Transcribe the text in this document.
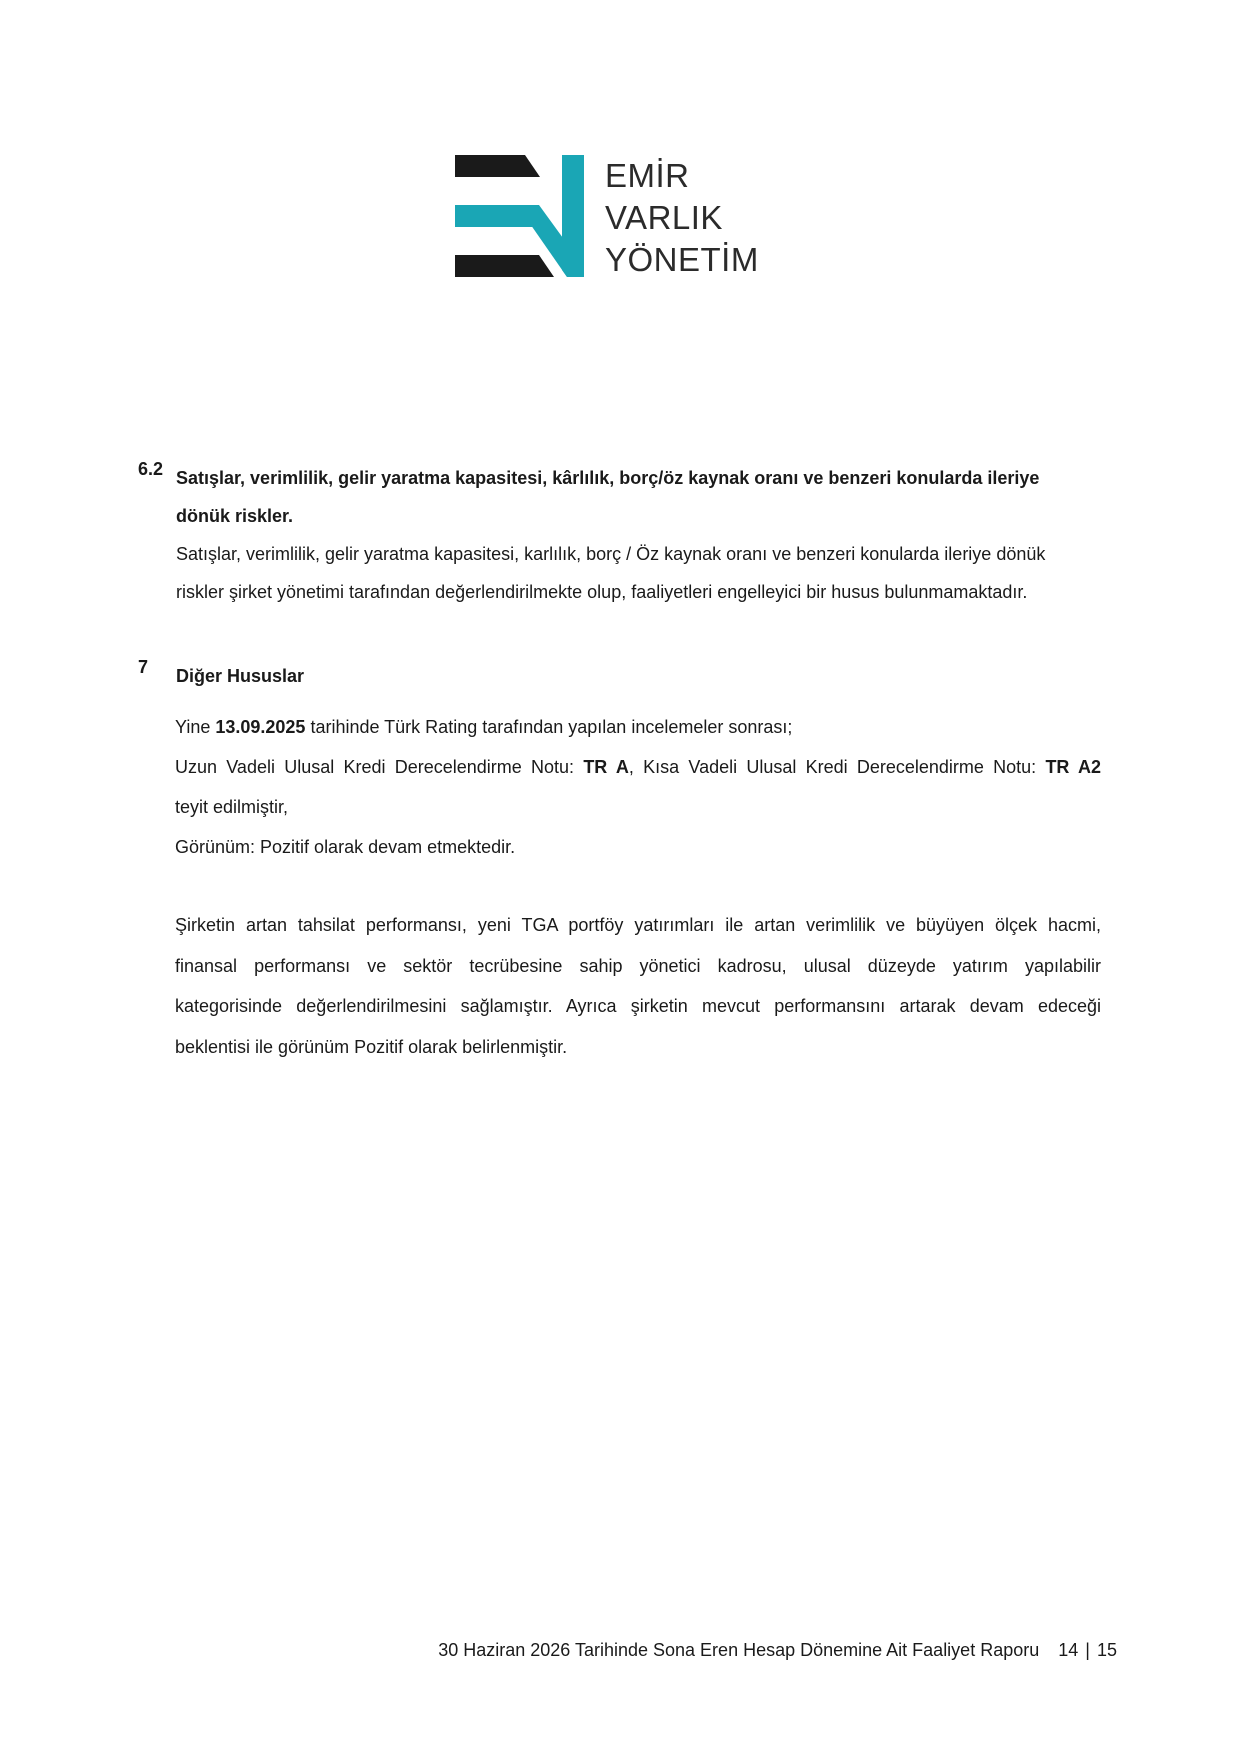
EMİR
VARLIK
YÖNETİM
6.2 Satışlar, verimlilik, gelir yaratma kapasitesi, kârlılık, borç/öz kaynak oranı ve benzeri konularda ileriye
dönük riskler.
Satışlar, verimlilik, gelir yaratma kapasitesi, karlılık, borç / Öz kaynak oranı ve benzeri konularda ileriye dönük
riskler şirket yönetimi tarafından değerlendirilmekte olup, faaliyetleri engelleyici bir husus bulunmamaktadır.
7 Diğer Hususlar
Yine 13.09.2025 tarihinde Türk Rating tarafından yapılan incelemeler sonrası;
Uzun Vadeli Ulusal Kredi Derecelendirme Notu: TR A, Kısa Vadeli Ulusal Kredi Derecelendirme Notu: TR A2
teyit edilmiştir,
Görünüm: Pozitif olarak devam etmektedir.
Şirketin artan tahsilat performansı, yeni TGA portföy yatırımları ile artan verimlilik ve büyüyen ölçek hacmi,
finansal performansı ve sektör tecrübesine sahip yönetici kadrosu, ulusal düzeyde yatırım yapılabilir
kategorisinde değerlendirilmesini sağlamıştır. Ayrıca şirketin mevcut performansını artarak devam edeceği
beklentisi ile görünüm Pozitif olarak belirlenmiştir.
30 Haziran 2026 Tarihinde Sona Eren Hesap Dönemine Ait Faaliyet Raporu 14 | 15
